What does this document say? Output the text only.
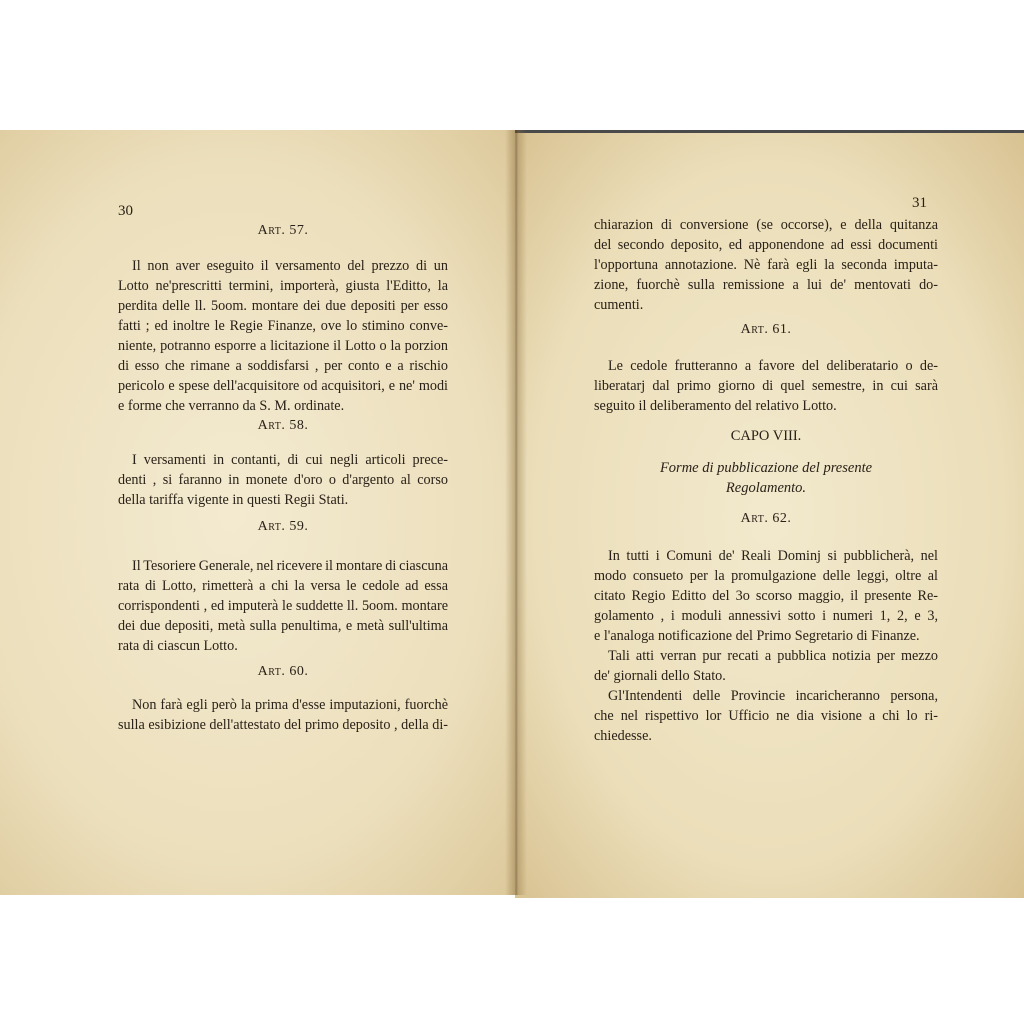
30
Art. 57.
Il non aver eseguito il versamento del prezzo di un
Lotto ne'prescritti termini, importerà, giusta l'Editto, la
perdita delle ll. 5oom. montare dei due depositi per esso
fatti ; ed inoltre le Regie Finanze, ove lo stimino conve-
niente, potranno esporre a licitazione il Lotto o la porzion
di esso che rimane a soddisfarsi , per conto e a rischio
pericolo e spese dell'acquisitore od acquisitori, e ne' modi
e forme che verranno da S. M. ordinate.
Art. 58.
I versamenti in contanti, di cui negli articoli prece-
denti , si faranno in monete d'oro o d'argento al corso
della tariffa vigente in questi Regii Stati.
Art. 59.
Il Tesoriere Generale, nel ricevere il montare di ciascuna
rata di Lotto, rimetterà a chi la versa le cedole ad essa
corrispondenti , ed imputerà le suddette ll. 5oom. montare
dei due depositi, metà sulla penultima, e metà sull'ultima
rata di ciascun Lotto.
Art. 60.
Non farà egli però la prima d'esse imputazioni, fuorchè
sulla esibizione dell'attestato del primo deposito , della di-
31
chiarazion di conversione (se occorse), e della quitanza
del secondo deposito, ed apponendone ad essi documenti
l'opportuna annotazione. Nè farà egli la seconda imputa-
zione, fuorchè sulla remissione a lui de' mentovati do-
cumenti.
Art. 61.
Le cedole frutteranno a favore del deliberatario o de-
liberatarj dal primo giorno di quel semestre, in cui sarà
seguito il deliberamento del relativo Lotto.
CAPO VIII.
Forme di pubblicazione del presente
Regolamento.
Art. 62.
In tutti i Comuni de' Reali Dominj si pubblicherà, nel
modo consueto per la promulgazione delle leggi, oltre al
citato Regio Editto del 3o scorso maggio, il presente Re-
golamento , i moduli annessivi sotto i numeri 1, 2, e 3,
e l'analoga notificazione del Primo Segretario di Finanze.
Tali atti verran pur recati a pubblica notizia per mezzo
de' giornali dello Stato.
Gl'Intendenti delle Provincie incaricheranno persona,
che nel rispettivo lor Ufficio ne dia visione a chi lo ri-
chiedesse.
